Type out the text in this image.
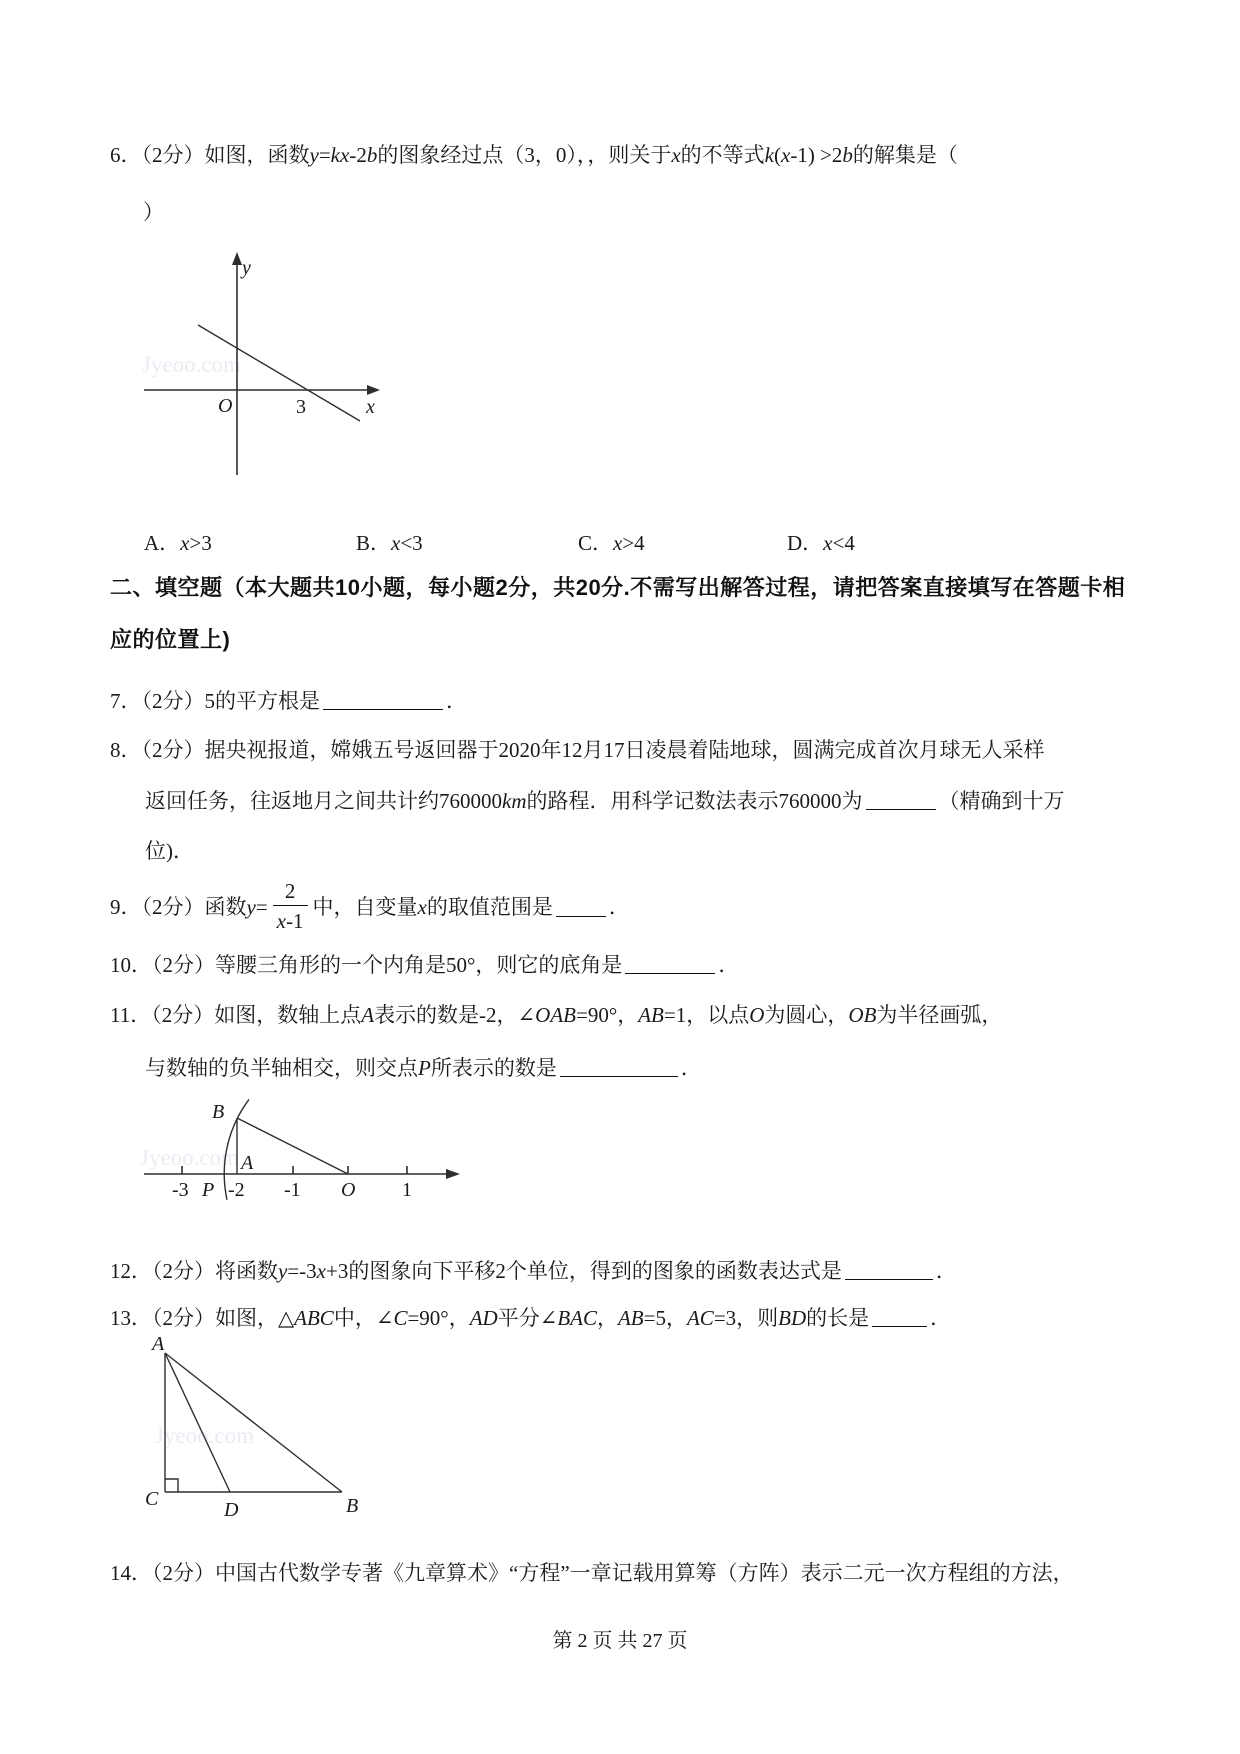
6．（2分）如图，函数y=kx-2b的图象经过点（3，0），，则关于x的不等式k(x-1) >2b的解集是（
）
Jyeoo.com
y
x
O	3
A．x>3	B．x<3	C．x>4	D．x<4
二、填空题（本大题共10小题，每小题2分，共20分.不需写出解答过程，请把答案直接填写在答题卡相
应的位置上)
7．（2分）5的平方根是	．
8．（2分）据央视报道，嫦娥五号返回器于2020年12月17日凌晨着陆地球，圆满完成首次月球无人采样
返回任务，往返地月之间共计约760000km的路程．用科学记数法表示760000为	（精确到十万
位)．
9．（2分）函数 $y = \frac{2}{x-1}$ 中，自变量 x 的取值范围是	．
10．（2分）等腰三角形的一个内角是50°，则它的底角是	．
11．（2分）如图，数轴上点A表示的数是-2，∠OAB=90°，AB=1，以点O为圆心，OB为半径画弧，
与数轴的负半轴相交，则交点P所表示的数是	．
Jyeoo.com
B
A
-3 P -2 -1 O 1
12．（2分）将函数y=-3x+3的图象向下平移2个单位，得到的图象的函数表达式是	．
13．（2分）如图，△ABC中，∠C=90°，AD平分∠BAC，AB=5，AC=3，则BD的长是	．
Jyeoo.com
A
C	D	B
14．（2分）中国古代数学专著《九章算术》“方程”一章记载用算筹（方阵）表示二元一次方程组的方法，
第 2 页 共 27 页
